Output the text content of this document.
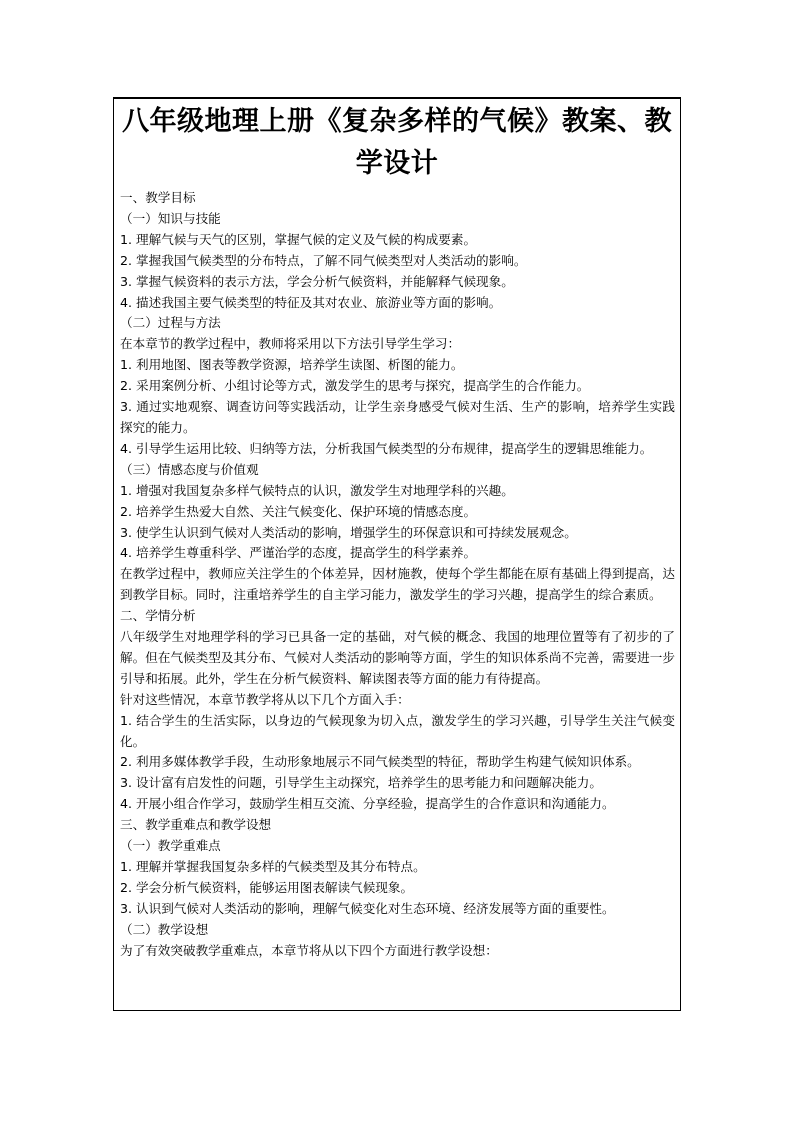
八年级地理上册《复杂多样的气候》教案、教学设计
一、教学目标
（一）知识与技能
1. 理解气候与天气的区别，掌握气候的定义及气候的构成要素。
2. 掌握我国气候类型的分布特点，了解不同气候类型对人类活动的影响。
3. 掌握气候资料的表示方法，学会分析气候资料，并能解释气候现象。
4. 描述我国主要气候类型的特征及其对农业、旅游业等方面的影响。
（二）过程与方法
在本章节的教学过程中，教师将采用以下方法引导学生学习：
1. 利用地图、图表等教学资源，培养学生读图、析图的能力。
2. 采用案例分析、小组讨论等方式，激发学生的思考与探究，提高学生的合作能力。
3. 通过实地观察、调查访问等实践活动，让学生亲身感受气候对生活、生产的影响，培养学生实践探究的能力。
4. 引导学生运用比较、归纳等方法，分析我国气候类型的分布规律，提高学生的逻辑思维能力。
（三）情感态度与价值观
1. 增强对我国复杂多样气候特点的认识，激发学生对地理学科的兴趣。
2. 培养学生热爱大自然、关注气候变化、保护环境的情感态度。
3. 使学生认识到气候对人类活动的影响，增强学生的环保意识和可持续发展观念。
4. 培养学生尊重科学、严谨治学的态度，提高学生的科学素养。
在教学过程中，教师应关注学生的个体差异，因材施教，使每个学生都能在原有基础上得到提高，达到教学目标。同时，注重培养学生的自主学习能力，激发学生的学习兴趣，提高学生的综合素质。
二、学情分析
八年级学生对地理学科的学习已具备一定的基础，对气候的概念、我国的地理位置等有了初步的了解。但在气候类型及其分布、气候对人类活动的影响等方面，学生的知识体系尚不完善，需要进一步引导和拓展。此外，学生在分析气候资料、解读图表等方面的能力有待提高。
针对这些情况，本章节教学将从以下几个方面入手：
1. 结合学生的生活实际，以身边的气候现象为切入点，激发学生的学习兴趣，引导学生关注气候变化。
2. 利用多媒体教学手段，生动形象地展示不同气候类型的特征，帮助学生构建气候知识体系。
3. 设计富有启发性的问题，引导学生主动探究，培养学生的思考能力和问题解决能力。
4. 开展小组合作学习，鼓励学生相互交流、分享经验，提高学生的合作意识和沟通能力。
三、教学重难点和教学设想
（一）教学重难点
1. 理解并掌握我国复杂多样的气候类型及其分布特点。
2. 学会分析气候资料，能够运用图表解读气候现象。
3. 认识到气候对人类活动的影响，理解气候变化对生态环境、经济发展等方面的重要性。
（二）教学设想
为了有效突破教学重难点，本章节将从以下四个方面进行教学设想：
